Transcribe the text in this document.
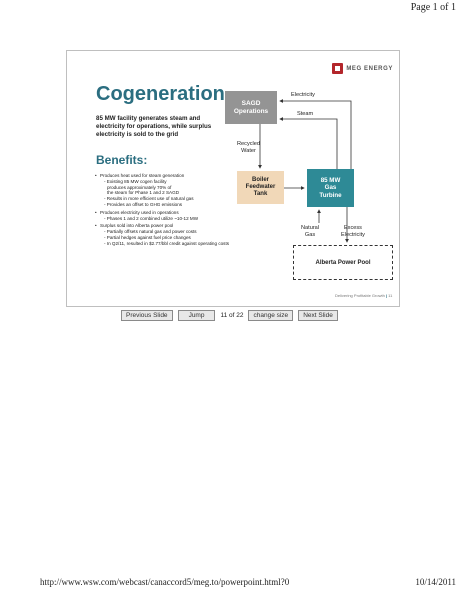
Page 1 of 1
MEG ENERGY
Cogeneration
85 MW facility generates steam and electricity for operations, while surplus electricity is sold to the grid
Benefits:
• Produces heat used for steam generation
- Existing 85 MW cogen facility
produces approximately 70% of
the steam for Phase 1 and 2 SAGD
- Results in more efficient use of natural gas
- Provides an offset to GHG emissions
• Produces electricity used in operations
- Phases 1 and 2 combined utilize ~10-12 MW
• Surplus sold into Alberta power pool
- Partially offsets natural gas and power costs
- Partial hedges against fuel price changes
- In Q2/11, resulted in $2.77/bbl credit against operating costs
SAGD
Operations
Electricity
Steam
Recycled
Water
Boiler
Feedwater
Tank
85 MW
Gas
Turbine
Natural
Gas
Excess
Electricity
Alberta Power Pool
Delivering Profitable Growth | 11
Previous Slide	Jump	11 of 22	change size	Next Slide
http://www.wsw.com/webcast/canaccord5/meg.to/powerpoint.html?0	10/14/2011
